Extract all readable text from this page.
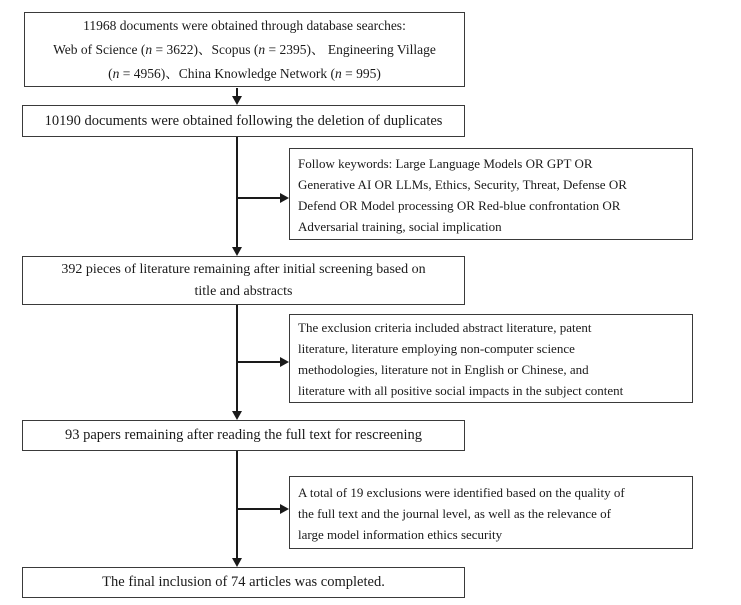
11968 documents were obtained through database searches:
Web of Science (n = 3622)、Scopus (n = 2395)、 Engineering Village
(n = 4956)、China Knowledge Network (n = 995)
10190 documents were obtained following the deletion of duplicates
Follow keywords: Large Language Models OR GPT OR
Generative AI OR LLMs, Ethics, Security, Threat, Defense OR
Defend OR Model processing OR Red-blue confrontation OR
Adversarial training, social implication
392 pieces of literature remaining after initial screening based on
title and abstracts
The exclusion criteria included abstract literature, patent
literature, literature employing non-computer science
methodologies, literature not in English or Chinese, and
literature with all positive social impacts in the subject content
93 papers remaining after reading the full text for rescreening
A total of 19 exclusions were identified based on the quality of
the full text and the journal level, as well as the relevance of
large model information ethics security
The final inclusion of 74 articles was completed.
